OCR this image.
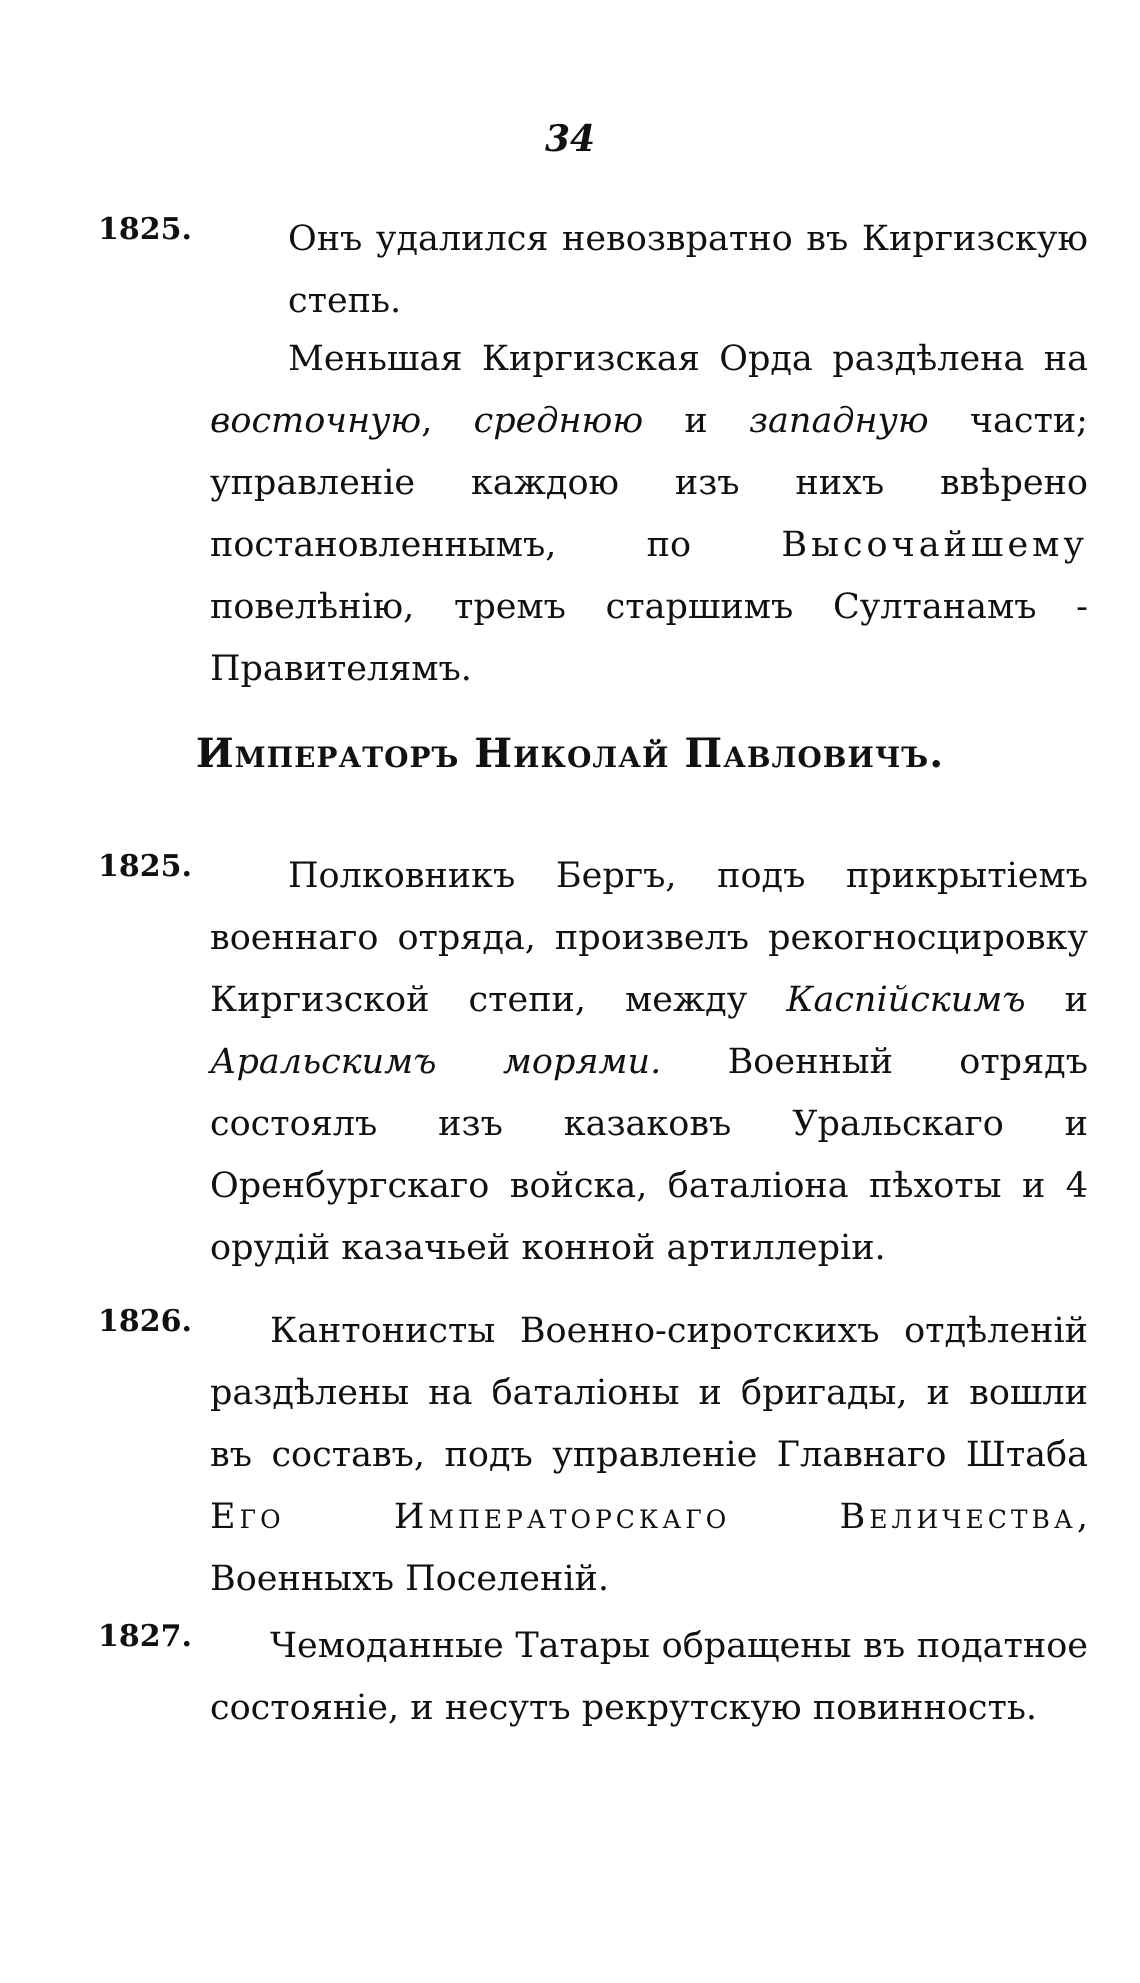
34
1825.	Онъ удалился невозвратно въ Киргизскую степь.
Меньшая Киргизская Орда раздѣлена на восточную, среднюю и западную части; управленіе каждою изъ нихъ ввѣрено постановленнымъ, по Высочайшему повелѣнію, тремъ старшимъ Султанамъ - Правителямъ.
Императоръ Николай Павловичъ.
1825.	Полковникъ Бергъ, подъ прикрытіемъ военнаго отряда, произвелъ рекогносцировку Киргизской степи, между Каспійскимъ и Аральскимъ морями. Военный отрядъ состоялъ изъ казаковъ Уральскаго и Оренбургскаго войска, баталіона пѣхоты и 4 орудій казачьей конной артиллеріи.
1826.	Кантонисты Военно-сиротскихъ отдѣленій раздѣлены на баталіоны и бригады, и вошли въ составъ, подъ управленіе Главнаго Штаба Его Императорскаго Величества, Военныхъ Поселеній.
1827.	Чемоданные Татары обращены въ податное состояніе, и несутъ рекрутскую повинность.
